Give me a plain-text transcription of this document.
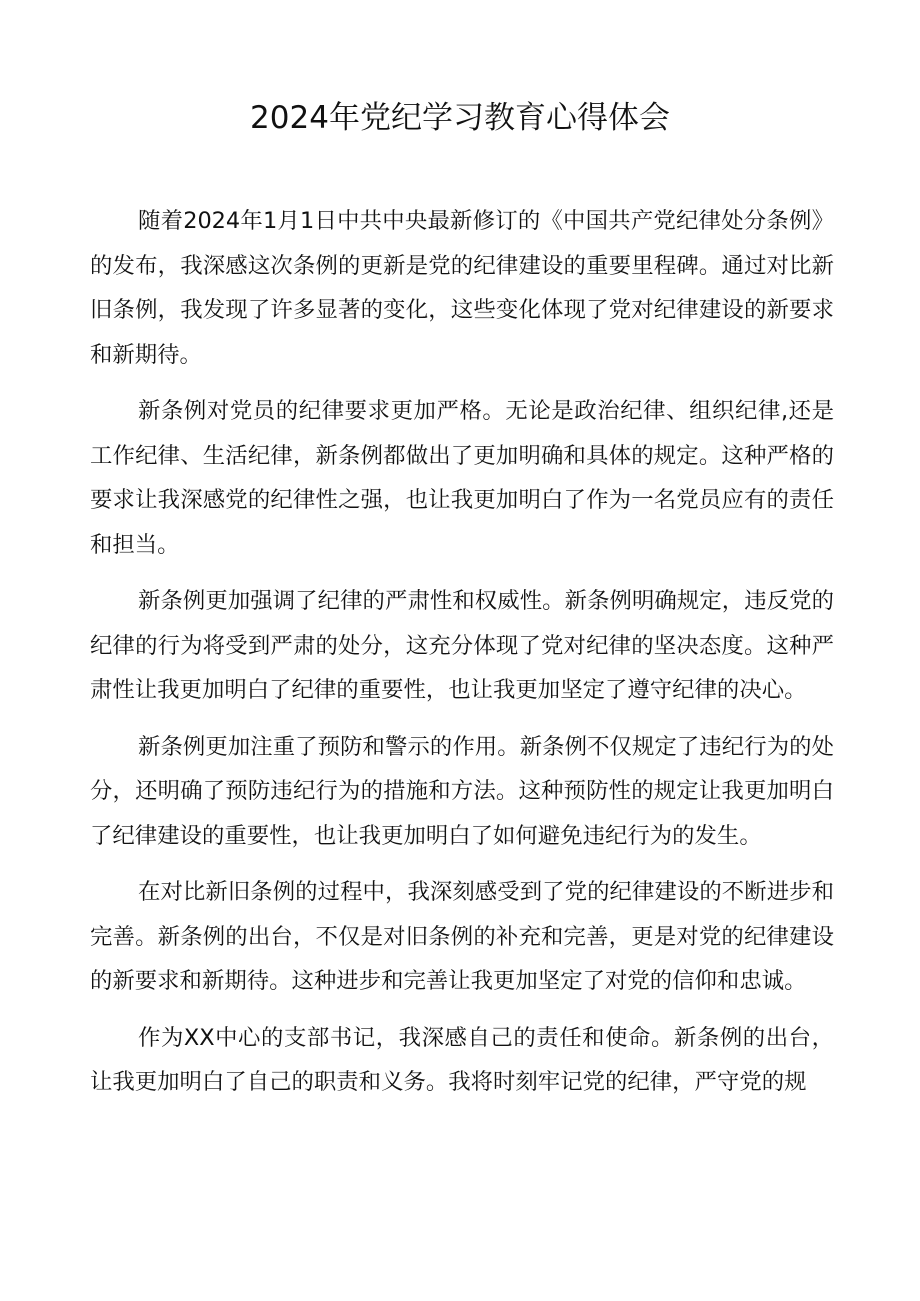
2024年党纪学习教育心得体会

随着2024年1月1日中共中央最新修订的《中国共产党纪律处分条例》的发布，我深感这次条例的更新是党的纪律建设的重要里程碑。通过对比新旧条例，我发现了许多显著的变化，这些变化体现了党对纪律建设的新要求和新期待。

新条例对党员的纪律要求更加严格。无论是政治纪律、组织纪律,还是工作纪律、生活纪律，新条例都做出了更加明确和具体的规定。这种严格的要求让我深感党的纪律性之强，也让我更加明白了作为一名党员应有的责任和担当。

新条例更加强调了纪律的严肃性和权威性。新条例明确规定，违反党的纪律的行为将受到严肃的处分，这充分体现了党对纪律的坚决态度。这种严肃性让我更加明白了纪律的重要性，也让我更加坚定了遵守纪律的决心。

新条例更加注重了预防和警示的作用。新条例不仅规定了违纪行为的处分，还明确了预防违纪行为的措施和方法。这种预防性的规定让我更加明白了纪律建设的重要性，也让我更加明白了如何避免违纪行为的发生。

在对比新旧条例的过程中，我深刻感受到了党的纪律建设的不断进步和完善。新条例的出台，不仅是对旧条例的补充和完善，更是对党的纪律建设的新要求和新期待。这种进步和完善让我更加坚定了对党的信仰和忠诚。

作为XX中心的支部书记，我深感自己的责任和使命。新条例的出台，让我更加明白了自己的职责和义务。我将时刻牢记党的纪律，严守党的规
